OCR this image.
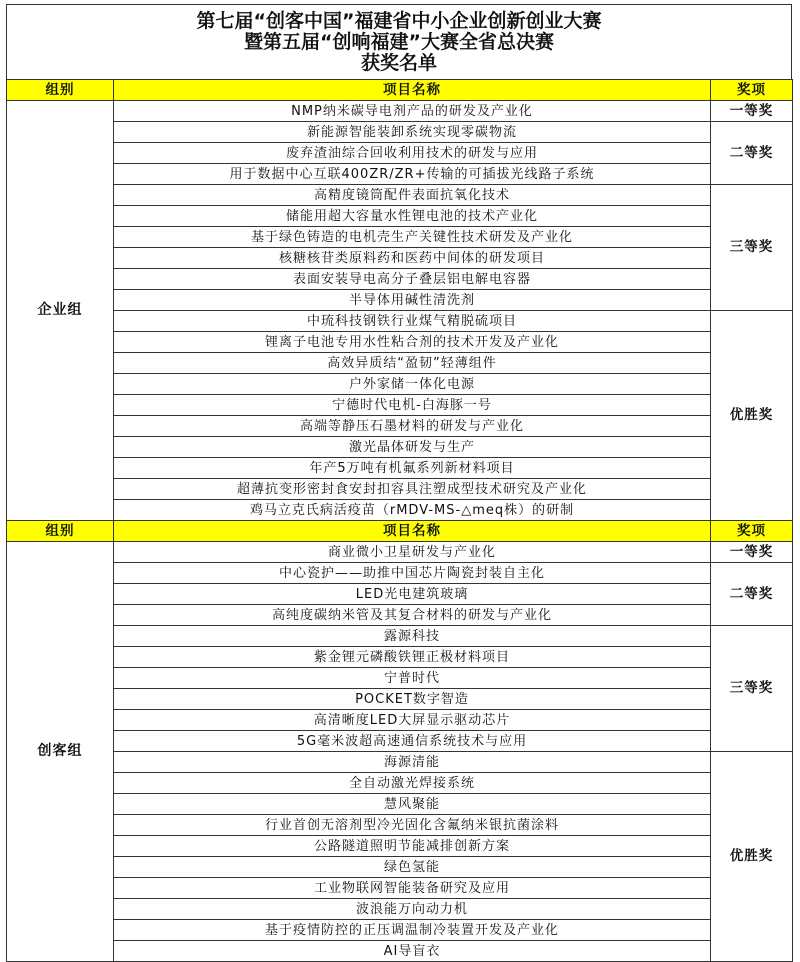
第七届“创客中国”福建省中小企业创新创业大赛
暨第五届“创响福建”大赛全省总决赛
获奖名单
组别	项目名称	奖项
企业组	NMP纳米碳导电剂产品的研发及产业化	一等奖
	新能源智能装卸系统实现零碳物流	二等奖
	废弃渣油综合回收利用技术的研发与应用	
	用于数据中心互联400ZR/ZR+传输的可插拔光线路子系统	
	高精度镜筒配件表面抗氧化技术	三等奖
	储能用超大容量水性锂电池的技术产业化	
	基于绿色铸造的电机壳生产关键性技术研发及产业化	
	核糖核苷类原料药和医药中间体的研发项目	
	表面安装导电高分子叠层铝电解电容器	
	半导体用碱性清洗剂	
	中琉科技钢铁行业煤气精脱硫项目	优胜奖
	锂离子电池专用水性粘合剂的技术开发及产业化	
	高效异质结“盈韧”轻薄组件	
	户外家储一体化电源	
	宁德时代电机-白海豚一号	
	高端等静压石墨材料的研发与产业化	
	激光晶体研发与生产	
	年产5万吨有机氟系列新材料项目	
	超薄抗变形密封食安封扣容具注塑成型技术研究及产业化	
	鸡马立克氏病活疫苗（rMDV-MS-△meq株）的研制	
组别	项目名称	奖项
创客组	商业微小卫星研发与产业化	一等奖
	中心瓷护——助推中国芯片陶瓷封装自主化	二等奖
	LED光电建筑玻璃	
	高纯度碳纳米管及其复合材料的研发与产业化	
	露源科技	三等奖
	紫金锂元磷酸铁锂正极材料项目	
	宁普时代	
	POCKET数字智造	
	高清晰度LED大屏显示驱动芯片	
	5G毫米波超高速通信系统技术与应用	
	海源清能	优胜奖
	全自动激光焊接系统	
	慧风聚能	
	行业首创无溶剂型冷光固化含氟纳米银抗菌涂料	
	公路隧道照明节能减排创新方案	
	绿色氢能	
	工业物联网智能装备研究及应用	
	波浪能万向动力机	
	基于疫情防控的正压调温制冷装置开发及产业化	
	AI导盲衣	
